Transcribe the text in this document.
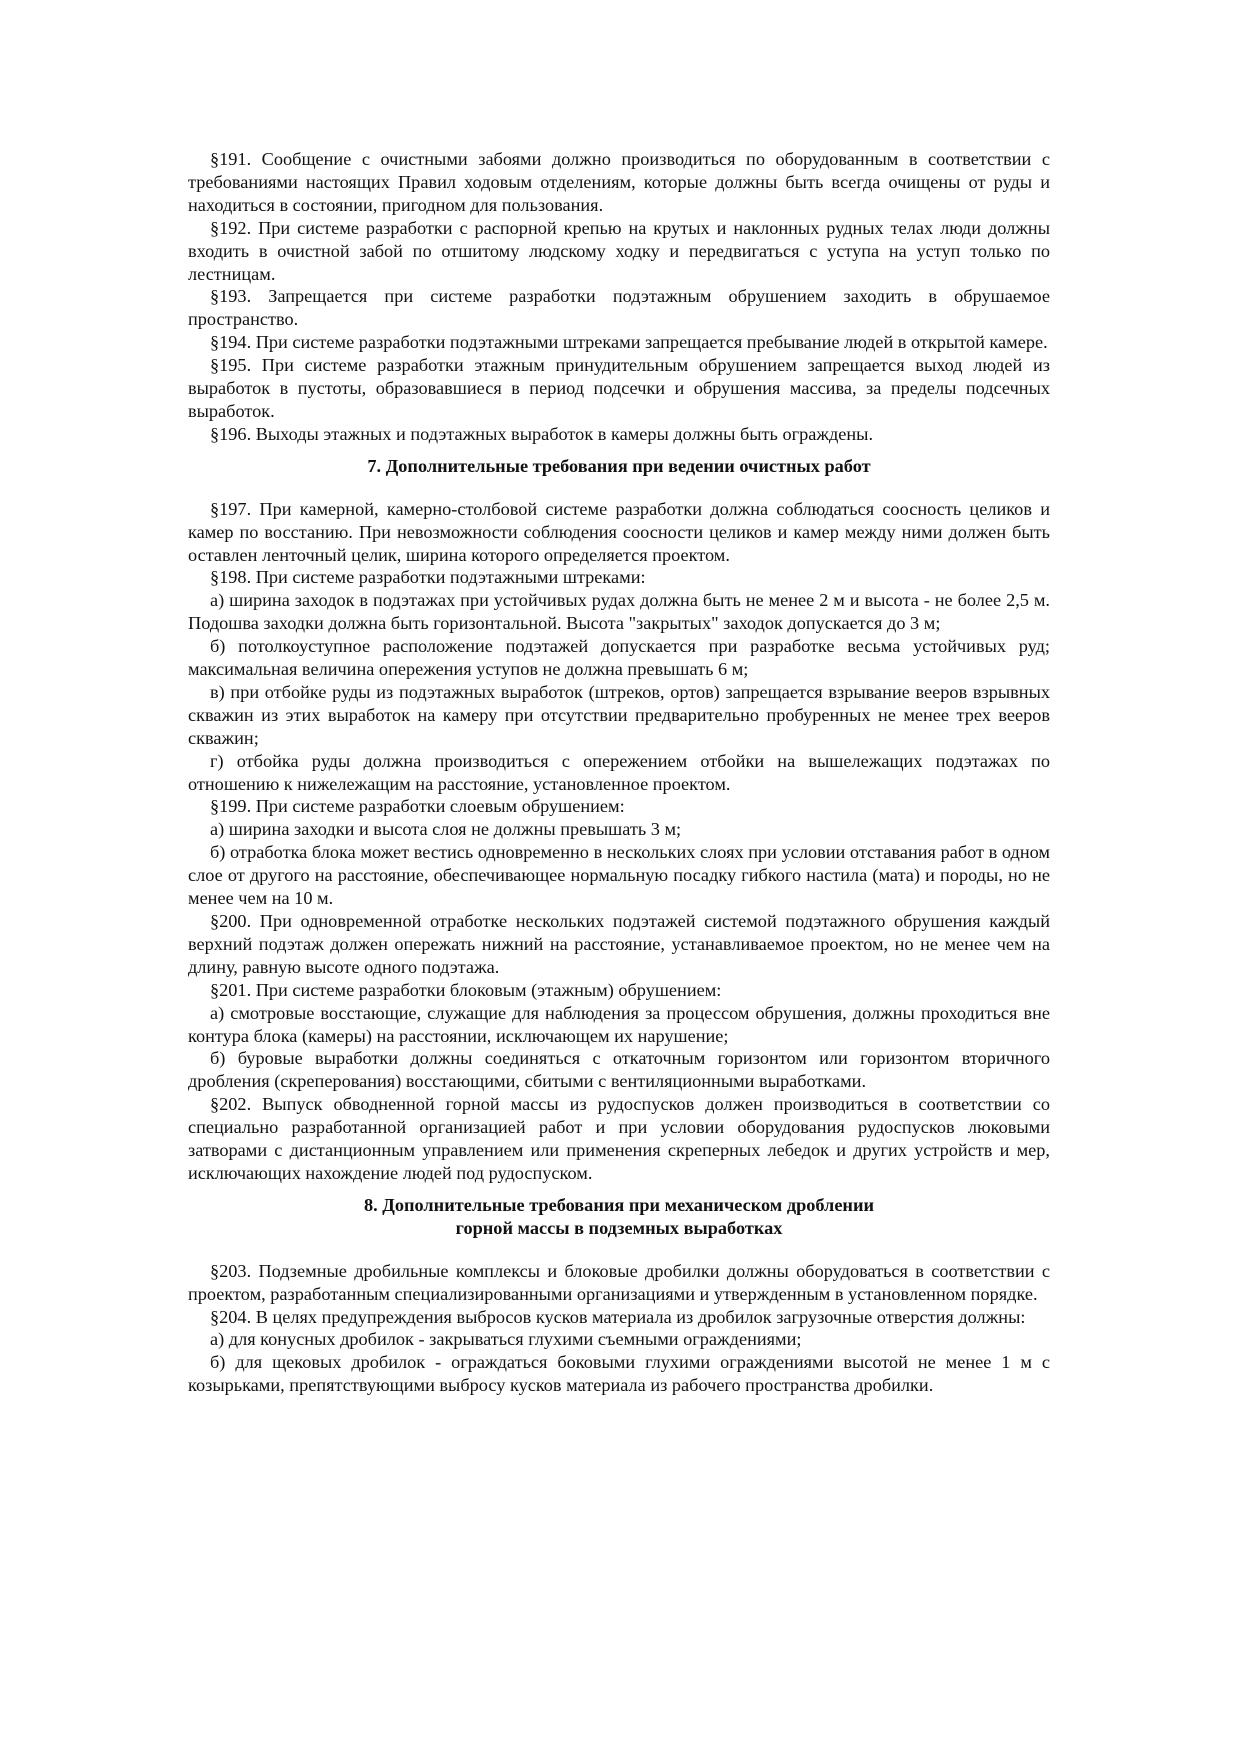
§191. Сообщение с очистными забоями должно производиться по оборудованным в соответствии с требованиями настоящих Правил ходовым отделениям, которые должны быть всегда очищены от руды и находиться в состоянии, пригодном для пользования.

§192. При системе разработки с распорной крепью на крутых и наклонных рудных телах люди должны входить в очистной забой по отшитому людскому ходку и передвигаться с уступа на уступ только по лестницам.

§193. Запрещается при системе разработки подэтажным обрушением заходить в обрушаемое пространство.

§194. При системе разработки подэтажными штреками запрещается пребывание людей в открытой камере.

§195. При системе разработки этажным принудительным обрушением запрещается выход людей из выработок в пустоты, образовавшиеся в период подсечки и обрушения массива, за пределы подсечных выработок.

§196. Выходы этажных и подэтажных выработок в камеры должны быть ограждены.

7. Дополнительные требования при ведении очистных работ

§197. При камерной, камерно-столбовой системе разработки должна соблюдаться соосность целиков и камер по восстанию. При невозможности соблюдения соосности целиков и камер между ними должен быть оставлен ленточный целик, ширина которого определяется проектом.

§198. При системе разработки подэтажными штреками:

а) ширина заходок в подэтажах при устойчивых рудах должна быть не менее 2 м и высота - не более 2,5 м. Подошва заходки должна быть горизонтальной. Высота "закрытых" заходок допускается до 3 м;

б) потолкоуступное расположение подэтажей допускается при разработке весьма устойчивых руд; максимальная величина опережения уступов не должна превышать 6 м;

в) при отбойке руды из подэтажных выработок (штреков, ортов) запрещается взрывание вееров взрывных скважин из этих выработок на камеру при отсутствии предварительно пробуренных не менее трех вееров скважин;

г) отбойка руды должна производиться с опережением отбойки на вышележащих подэтажах по отношению к нижележащим на расстояние, установленное проектом.

§199. При системе разработки слоевым обрушением:

а) ширина заходки и высота слоя не должны превышать 3 м;

б) отработка блока может вестись одновременно в нескольких слоях при условии отставания работ в одном слое от другого на расстояние, обеспечивающее нормальную посадку гибкого настила (мата) и породы, но не менее чем на 10 м.

§200. При одновременной отработке нескольких подэтажей системой подэтажного обрушения каждый верхний подэтаж должен опережать нижний на расстояние, устанавливаемое проектом, но не менее чем на длину, равную высоте одного подэтажа.

§201. При системе разработки блоковым (этажным) обрушением:

а) смотровые восстающие, служащие для наблюдения за процессом обрушения, должны проходиться вне контура блока (камеры) на расстоянии, исключающем их нарушение;

б) буровые выработки должны соединяться с откаточным горизонтом или горизонтом вторичного дробления (скреперования) восстающими, сбитыми с вентиляционными выработками.

§202. Выпуск обводненной горной массы из рудоспусков должен производиться в соответствии со специально разработанной организацией работ и при условии оборудования рудоспусков люковыми затворами с дистанционным управлением или применения скреперных лебедок и других устройств и мер, исключающих нахождение людей под рудоспуском.

8. Дополнительные требования при механическом дроблении

горной массы в подземных выработках

§203. Подземные дробильные комплексы и блоковые дробилки должны оборудоваться в соответствии с проектом, разработанным специализированными организациями и утвержденным в установленном порядке.

§204. В целях предупреждения выбросов кусков материала из дробилок загрузочные отверстия должны:

а) для конусных дробилок - закрываться глухими съемными ограждениями;

б) для щековых дробилок - ограждаться боковыми глухими ограждениями высотой не менее 1 м с козырьками, препятствующими выбросу кусков материала из рабочего пространства дробилки.
